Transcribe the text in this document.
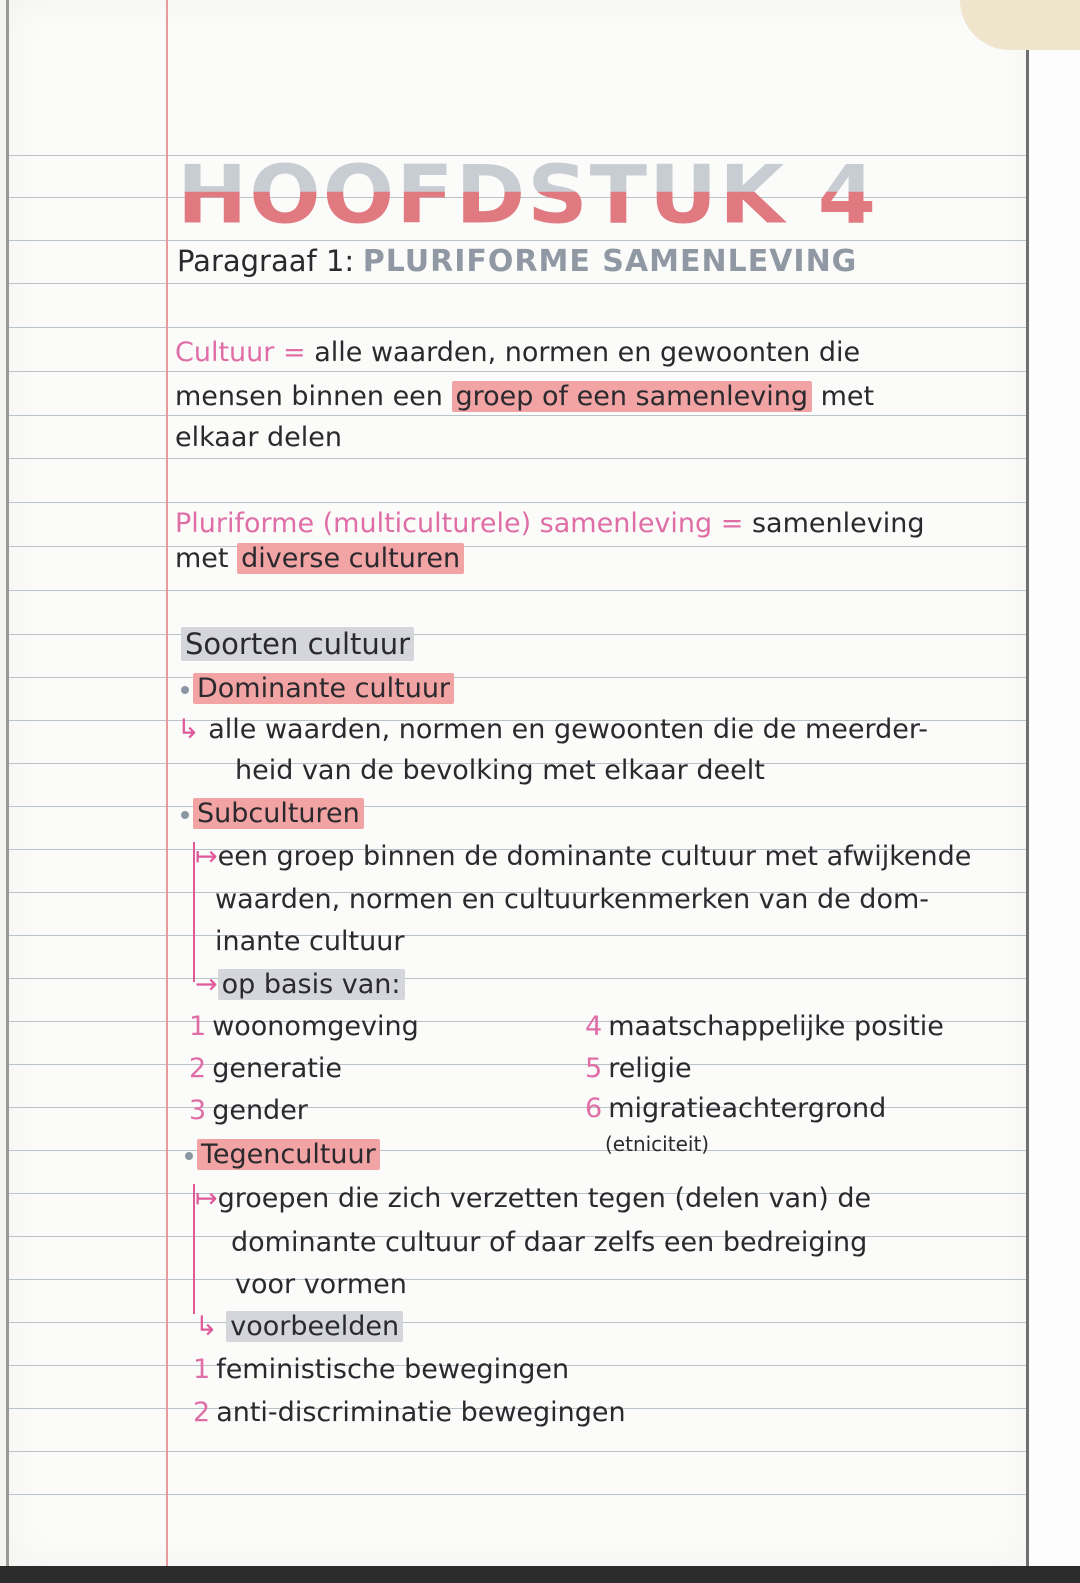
HOOFDSTUK 4
Paragraaf 1: PLURIFORME SAMENLEVING
Cultuur = alle waarden, normen en gewoonten die
mensen binnen een groep of een samenleving met
elkaar delen
Pluriforme (multiculturele) samenleving = samenleving
met diverse culturen
Soorten cultuur
Dominante cultuur
↳ alle waarden, normen en gewoonten die de meerder-
heid van de bevolking met elkaar deelt
Subculturen
↦een groep binnen de dominante cultuur met afwijkende
waarden, normen en cultuurkenmerken van de dom-
inante cultuur
→ op basis van:
1 woonomgeving
2 generatie
3 gender
4 maatschappelijke positie
5 religie
6 migratieachtergrond
(etniciteit)
Tegencultuur
↦groepen die zich verzetten tegen (delen van) de
dominante cultuur of daar zelfs een bedreiging
voor vormen
↳ voorbeelden
1 feministische bewegingen
2 anti-discriminatie bewegingen
